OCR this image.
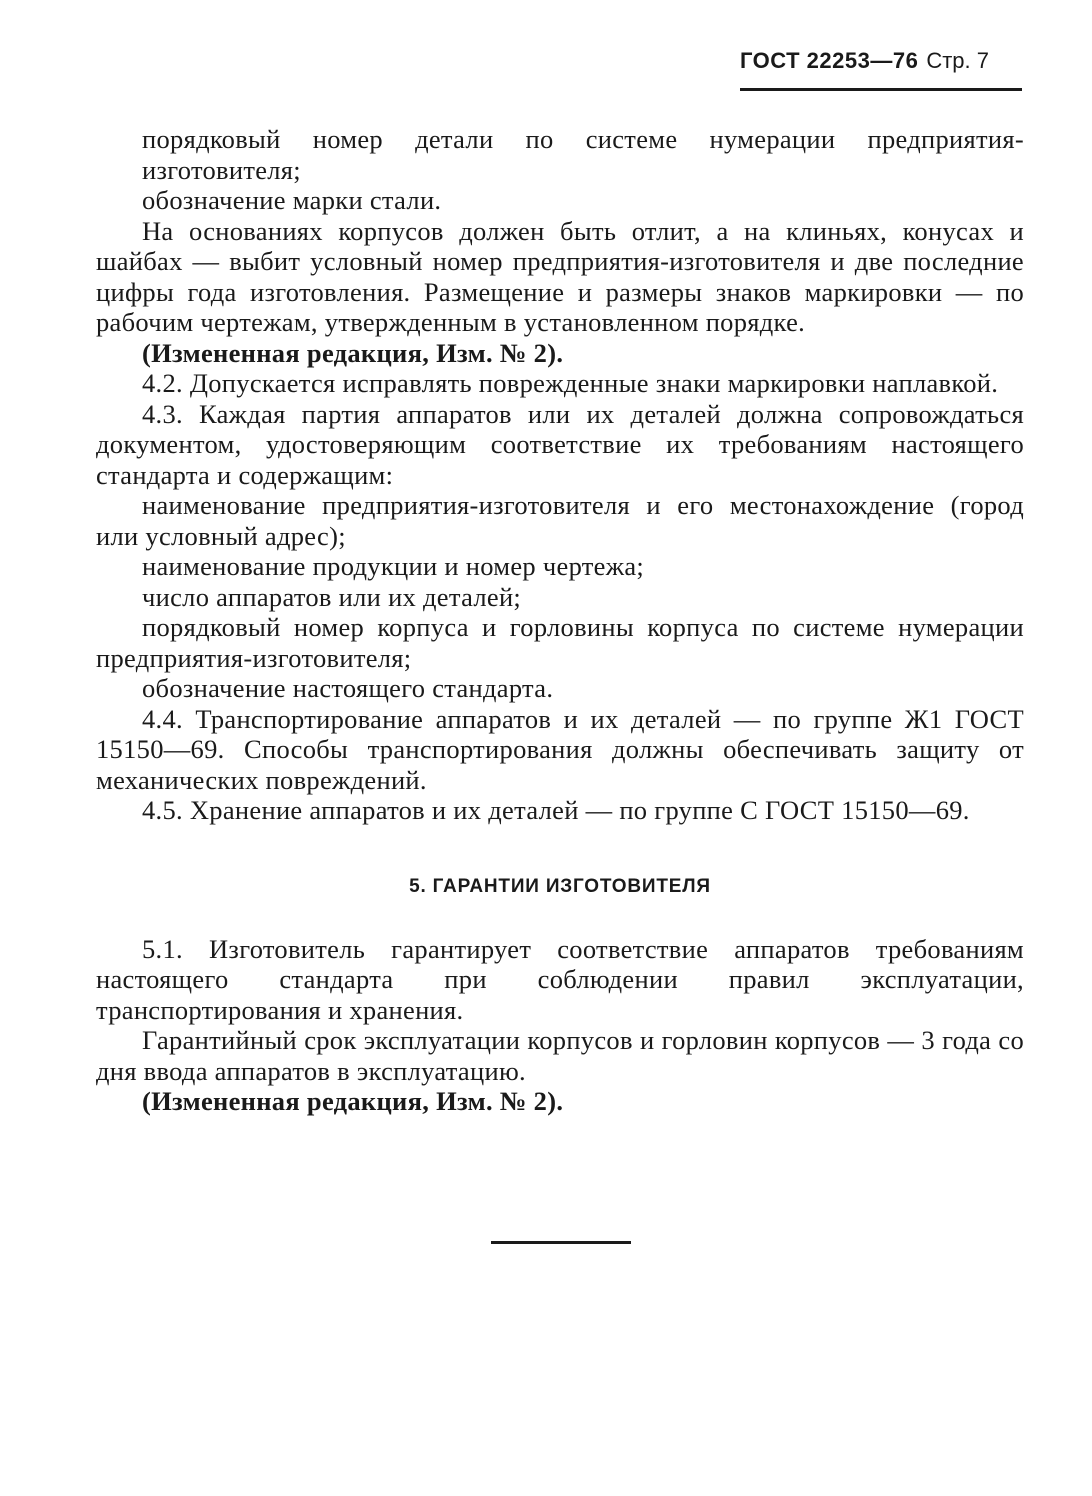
ГОСТ 22253—76 Стр. 7

порядковый номер детали по системе нумерации предприятия-изготовителя;

обозначение марки стали.

На основаниях корпусов должен быть отлит, а на клиньях, конусах и шайбах — выбит условный номер предприятия-изготовителя и две последние цифры года изготовления. Размещение и размеры знаков маркировки — по рабочим чертежам, утвержденным в установленном порядке.

(Измененная редакция, Изм. № 2).

4.2. Допускается исправлять поврежденные знаки маркировки наплавкой.

4.3. Каждая партия аппаратов или их деталей должна сопровождаться документом, удостоверяющим соответствие их требованиям настоящего стандарта и содержащим:

наименование предприятия-изготовителя и его местонахождение (город или условный адрес);

наименование продукции и номер чертежа;

число аппаратов или их деталей;

порядковый номер корпуса и горловины корпуса по системе нумерации предприятия-изготовителя;

обозначение настоящего стандарта.

4.4. Транспортирование аппаратов и их деталей — по группе Ж1 ГОСТ 15150—69. Способы транспортирования должны обеспечивать защиту от механических повреждений.

4.5. Хранение аппаратов и их деталей — по группе С ГОСТ 15150—69.

5. ГАРАНТИИ ИЗГОТОВИТЕЛЯ

5.1. Изготовитель гарантирует соответствие аппаратов требованиям настоящего стандарта при соблюдении правил эксплуатации, транспортирования и хранения.

Гарантийный срок эксплуатации корпусов и горловин корпусов — 3 года со дня ввода аппаратов в эксплуатацию.

(Измененная редакция, Изм. № 2).
